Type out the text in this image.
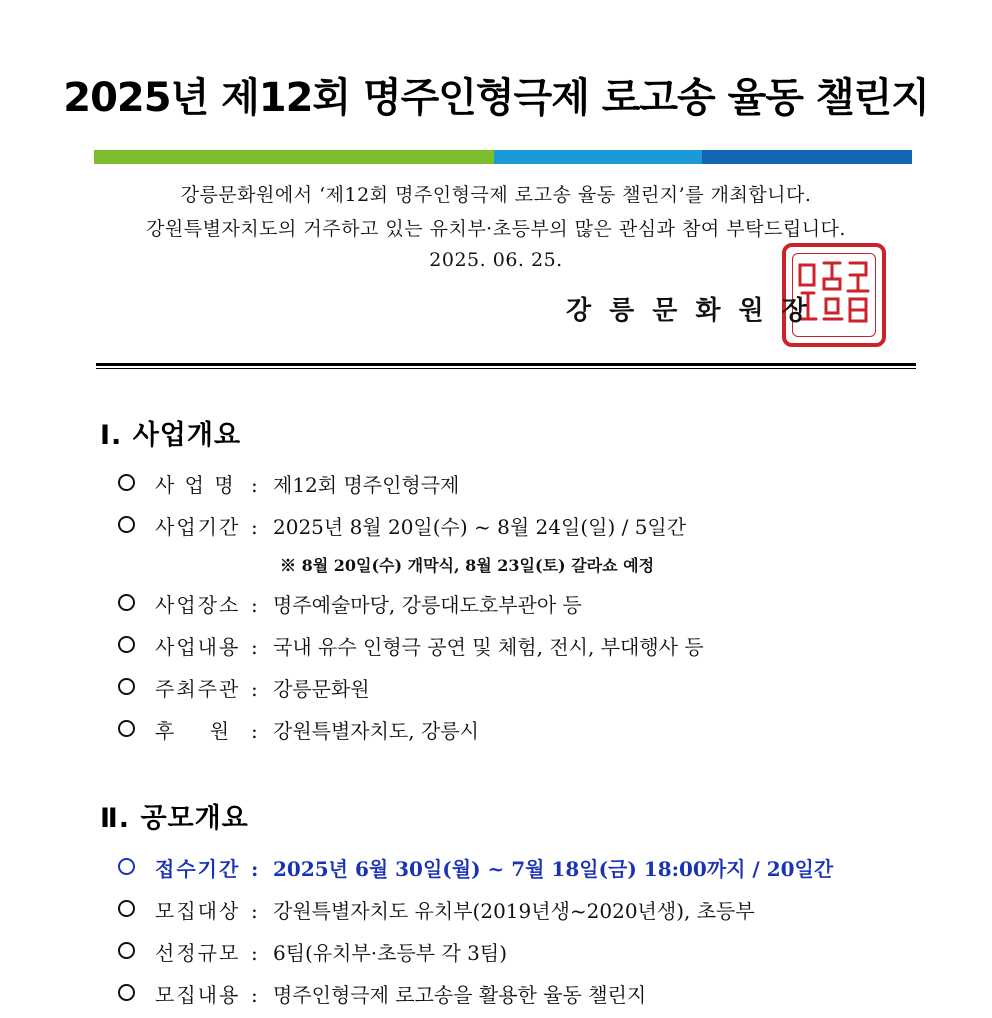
2025년 제12회 명주인형극제 로고송 율동 챌린지
강릉문화원에서 ‘제12회 명주인형극제 로고송 율동 챌린지’를 개최합니다.
강원특별자치도의 거주하고 있는 유치부·초등부의 많은 관심과 참여 부탁드립니다.
2025. 06. 25.
강릉문화원장
Ⅰ. 사업개요
사 업 명 : 제12회 명주인형극제
사업기간 : 2025년 8월 20일(수) ~ 8월 24일(일) / 5일간
※ 8월 20일(수) 개막식, 8월 23일(토) 갈라쇼 예정
사업장소 : 명주예술마당, 강릉대도호부관아 등
사업내용 : 국내 유수 인형극 공연 및 체험, 전시, 부대행사 등
주최주관 : 강릉문화원
후    원 : 강원특별자치도, 강릉시
Ⅱ. 공모개요
접수기간 : 2025년 6월 30일(월) ~ 7월 18일(금) 18:00까지 / 20일간
모집대상 : 강원특별자치도 유치부(2019년생~2020년생), 초등부
선정규모 : 6팀(유치부·초등부 각 3팀)
모집내용 : 명주인형극제 로고송을 활용한 율동 챌린지
